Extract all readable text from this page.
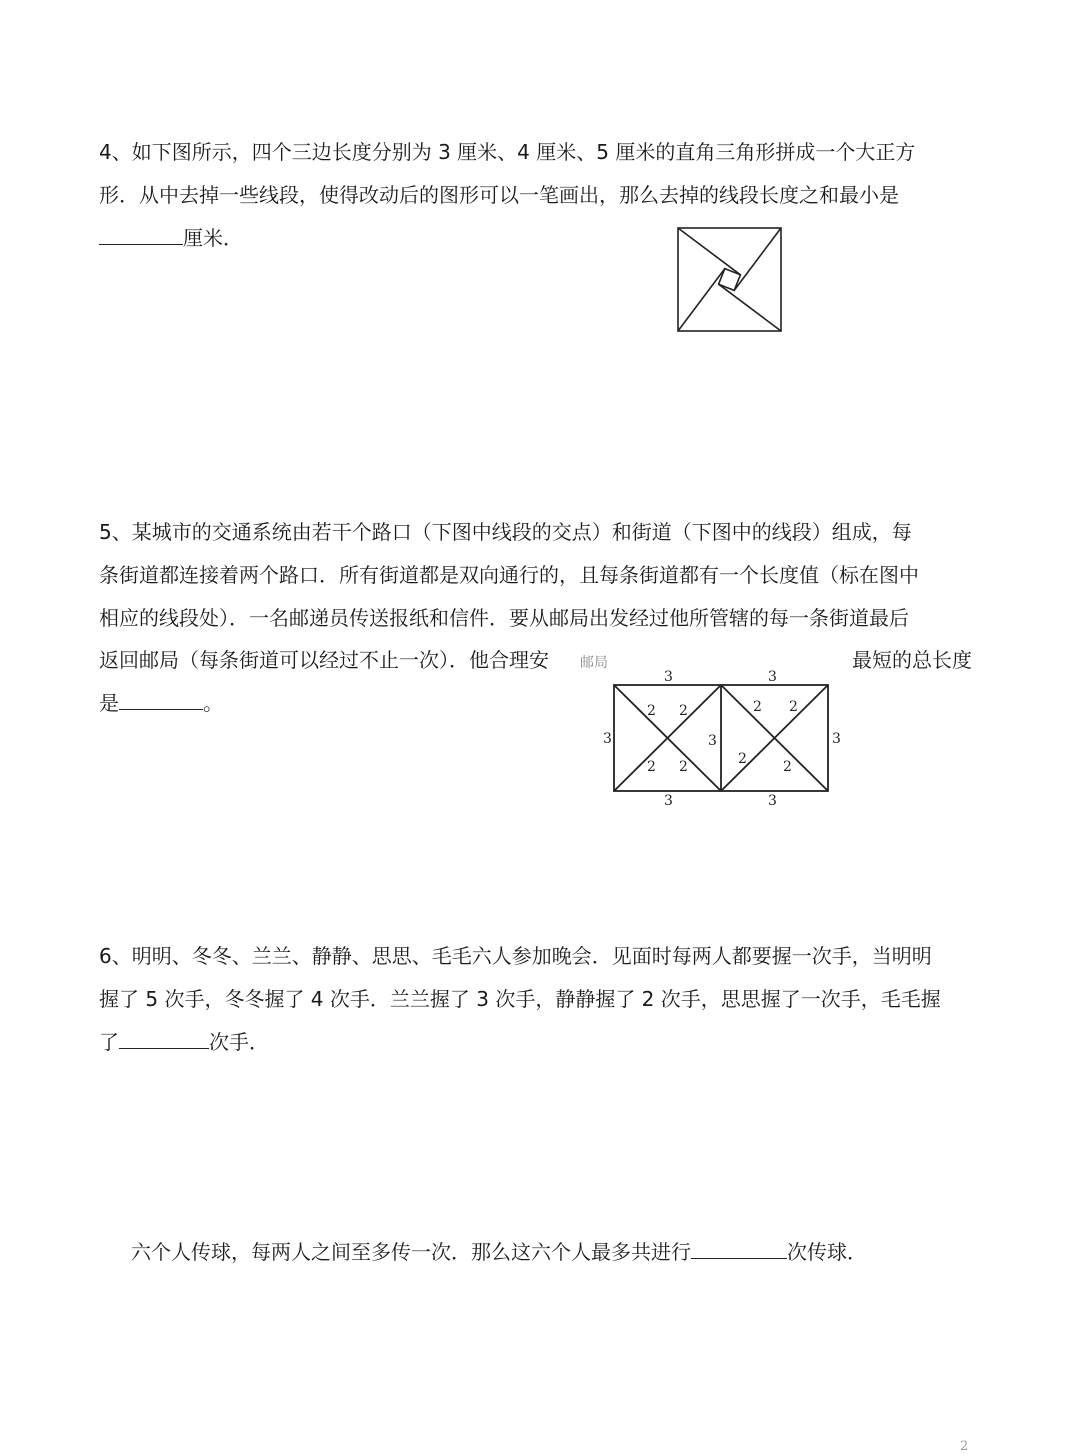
4、如下图所示，四个三边长度分别为 3 厘米、4 厘米、5 厘米的直角三角形拼成一个大正方

形．从中去掉一些线段，使得改动后的图形可以一笔画出，那么去掉的线段长度之和最小是

厘米．

5、某城市的交通系统由若干个路口（下图中线段的交点）和街道（下图中的线段）组成，每

条街道都连接着两个路口．所有街道都是双向通行的，且每条街道都有一个长度值（标在图中

相应的线段处）．一名邮递员传送报纸和信件．要从邮局出发经过他所管辖的每一条街道最后

返回邮局（每条街道可以经过不止一次）．他合理安	最短的总长度

是	。

邮局
3	3
3	3
3	3	3
2 2
2 2
2 2
2	2

6、明明、冬冬、兰兰、静静、思思、毛毛六人参加晚会．见面时每两人都要握一次手，当明明

握了 5 次手，冬冬握了 4 次手．兰兰握了 3 次手，静静握了 2 次手，思思握了一次手，毛毛握

了	次手．

六个人传球，每两人之间至多传一次．那么这六个人最多共进行	次传球．

2
